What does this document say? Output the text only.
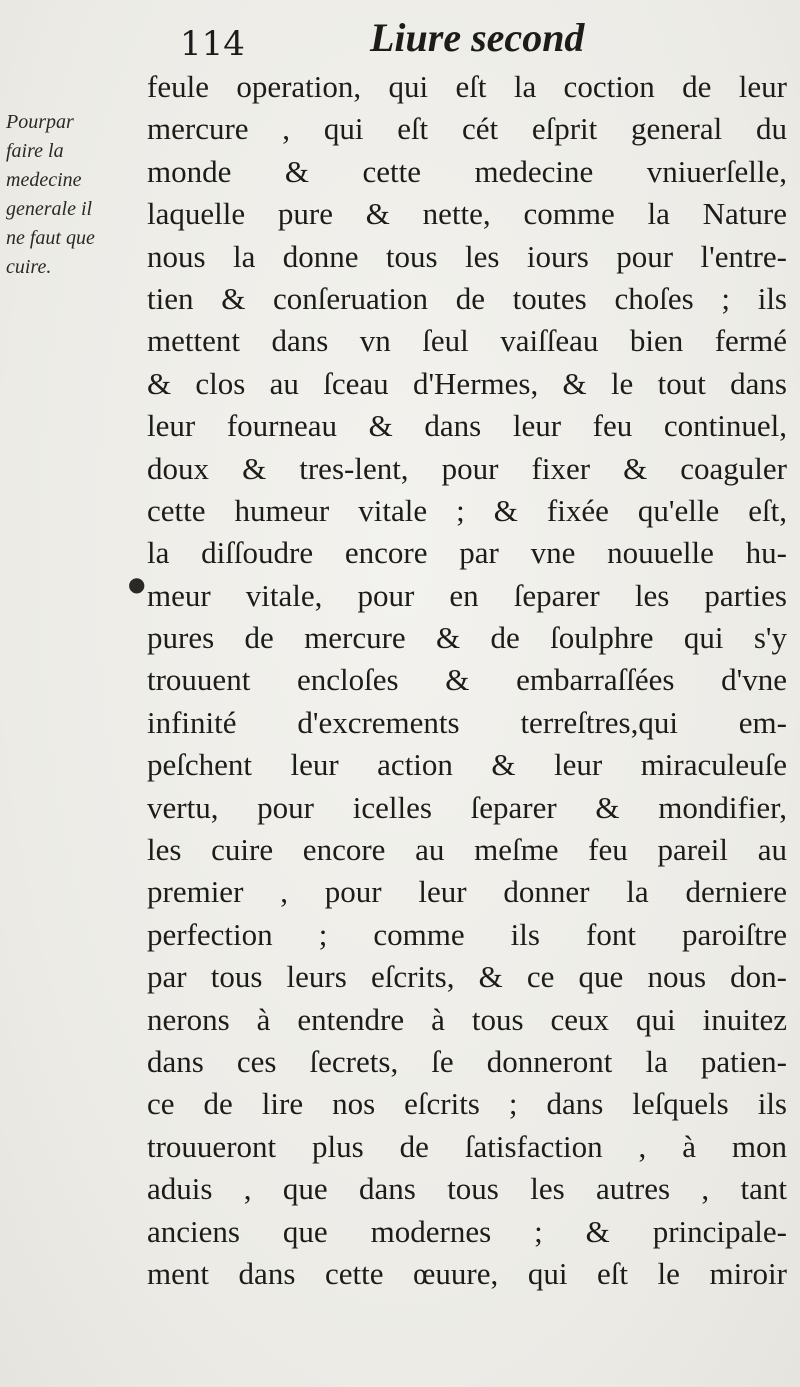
114	Liure second
Pourpar
faire la
medecine
generale il
ne faut que
cuire.
●
feule operation, qui eſt la coction de leur
mercure , qui eſt cét eſprit general du
monde & cette medecine vniuerſelle,
laquelle pure & nette, comme la Nature
nous la donne tous les iours pour l'entre-
tien & conſeruation de toutes choſes ; ils
mettent dans vn ſeul vaiſſeau bien fermé
& clos au ſceau d'Hermes, & le tout dans
leur fourneau & dans leur feu continuel,
doux & tres-lent, pour fixer & coaguler
cette humeur vitale ; & fixée qu'elle eſt,
la diſſoudre encore par vne nouuelle hu-
meur vitale, pour en ſeparer les parties
pures de mercure & de ſoulphre qui s'y
trouuent encloſes & embarraſſées d'vne
infinité d'excrements terreſtres,qui em-
peſchent leur action & leur miraculeuſe
vertu, pour icelles ſeparer & mondifier,
les cuire encore au meſme feu pareil au
premier , pour leur donner la derniere
perfection ; comme ils font paroiſtre
par tous leurs eſcrits, & ce que nous don-
nerons à entendre à tous ceux qui inuitez
dans ces ſecrets, ſe donneront la patien-
ce de lire nos eſcrits ; dans leſquels ils
trouueront plus de ſatisfaction , à mon
aduis , que dans tous les autres , tant
anciens que modernes ; & principale-
ment dans cette œuure, qui eſt le miroir
